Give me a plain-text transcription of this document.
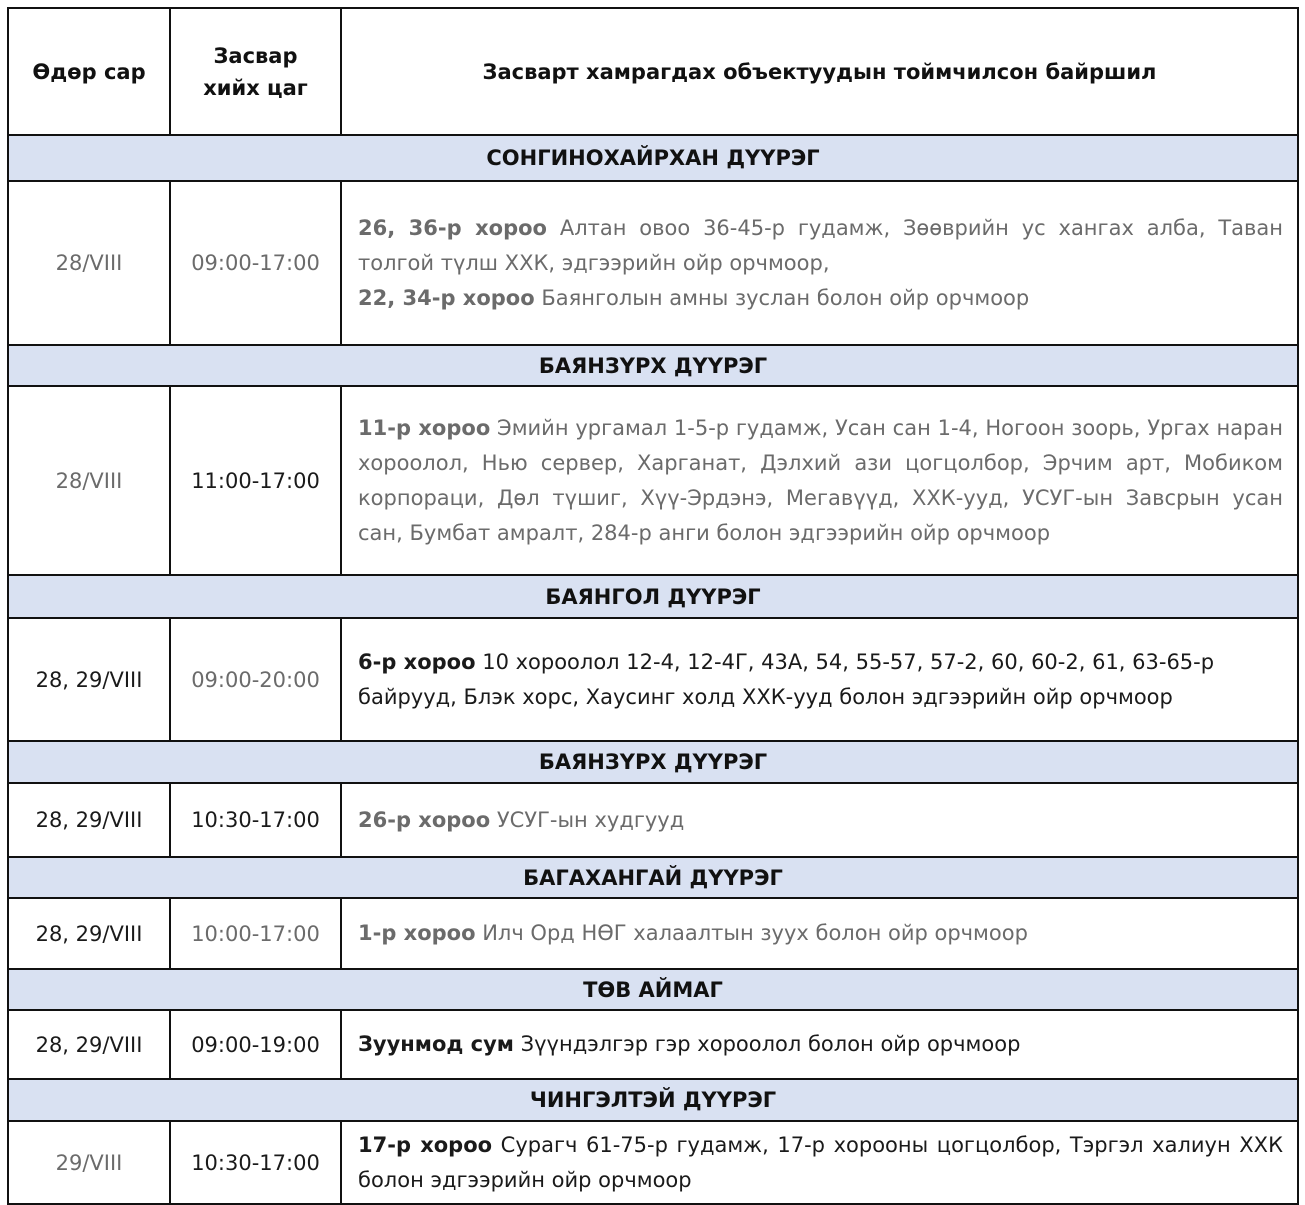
Өдөр сар	Засвар хийх цаг	Засварт хамрагдах объектуудын тоймчилсон байршил
СОНГИНОХАЙРХАН ДҮҮРЭГ		
28/VIII	09:00-17:00	26, 36-р хороо Алтан овоо 36-45-р гудамж, Зөөврийн ус хангах алба, Таван толгой түлш ХХК, эдгээрийн ойр орчмоор,
22, 34-р хороо Баянголын амны зуслан болон ойр орчмоор

БАЯНЗҮРХ ДҮҮРЭГ		
28/VIII	11:00-17:00	11-р хороо Эмийн ургамал 1-5-р гудамж, Усан сан 1-4, Ногоон зоорь, Ургах наран хороолол, Нью сервер, Харганат, Дэлхий ази цогцолбор, Эрчим арт, Мобиком корпораци, Дөл түшиг, Хүү-Эрдэнэ, Мегавүүд, ХХК-ууд, УСУГ-ын Завсрын усан сан, Бумбат амралт, 284-р анги болон эдгээрийн ойр орчмоор
БАЯНГОЛ ДҮҮРЭГ		
28, 29/VIII	09:00-20:00	6-р хороо 10 хороолол 12-4, 12-4Г, 43А, 54, 55-57, 57-2, 60, 60-2, 61, 63-65-р байрууд, Блэк хорс, Хаусинг холд ХХК-ууд болон эдгээрийн ойр орчмоор
БАЯНЗҮРХ ДҮҮРЭГ		
28, 29/VIII	10:30-17:00	26-р хороо УСУГ-ын худгууд
БАГАХАНГАЙ ДҮҮРЭГ		
28, 29/VIII	10:00-17:00	1-р хороо Илч Орд НӨГ халаалтын зуух болон ойр орчмоор
ТӨВ АЙМАГ		
28, 29/VIII	09:00-19:00	Зуунмод сум Зүүндэлгэр гэр хороолол болон ойр орчмоор
ЧИНГЭЛТЭЙ ДҮҮРЭГ		
29/VIII	10:30-17:00	17-р хороо Сурагч 61-75-р гудамж, 17-р хорооны цогцолбор, Тэргэл халиун ХХК болон эдгээрийн ойр орчмоор
